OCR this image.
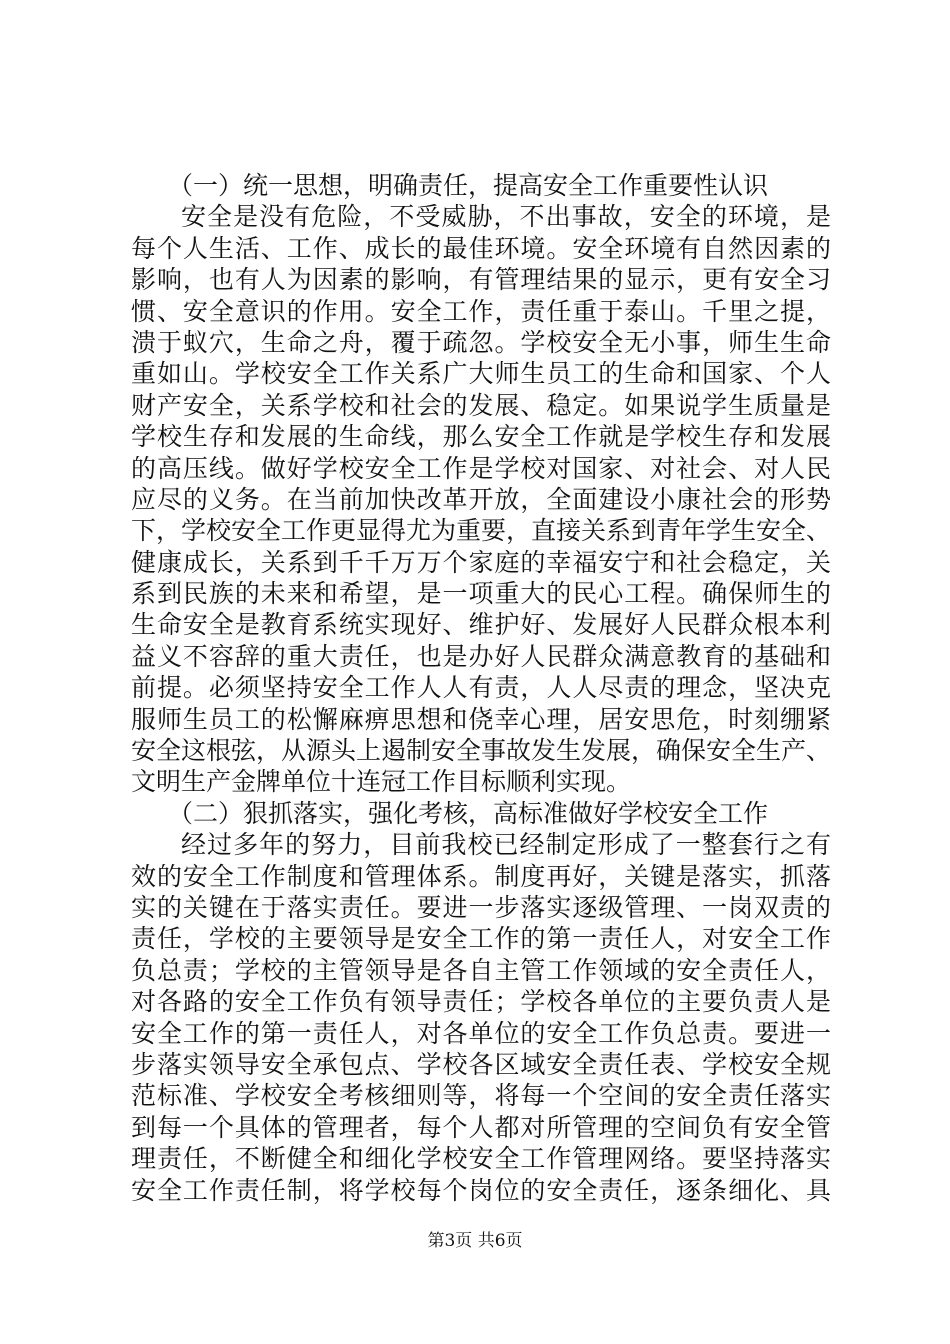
（一）统一思想，明确责任，提高安全工作重要性认识
安全是没有危险，不受威胁，不出事故，安全的环境，是
每个人生活、工作、成长的最佳环境。安全环境有自然因素的
影响，也有人为因素的影响，有管理结果的显示，更有安全习
惯、安全意识的作用。安全工作，责任重于泰山。千里之提，
溃于蚁穴，生命之舟，覆于疏忽。学校安全无小事，师生生命
重如山。学校安全工作关系广大师生员工的生命和国家、个人
财产安全，关系学校和社会的发展、稳定。如果说学生质量是
学校生存和发展的生命线，那么安全工作就是学校生存和发展
的高压线。做好学校安全工作是学校对国家、对社会、对人民
应尽的义务。在当前加快改革开放，全面建设小康社会的形势
下，学校安全工作更显得尤为重要，直接关系到青年学生安全、
健康成长，关系到千千万万个家庭的幸福安宁和社会稳定，关
系到民族的未来和希望，是一项重大的民心工程。确保师生的
生命安全是教育系统实现好、维护好、发展好人民群众根本利
益义不容辞的重大责任，也是办好人民群众满意教育的基础和
前提。必须坚持安全工作人人有责，人人尽责的理念，坚决克
服师生员工的松懈麻痹思想和侥幸心理，居安思危，时刻绷紧
安全这根弦，从源头上遏制安全事故发生发展，确保安全生产、
文明生产金牌单位十连冠工作目标顺利实现。
（二）狠抓落实，强化考核，高标准做好学校安全工作
经过多年的努力，目前我校已经制定形成了一整套行之有
效的安全工作制度和管理体系。制度再好，关键是落实，抓落
实的关键在于落实责任。要进一步落实逐级管理、一岗双责的
责任，学校的主要领导是安全工作的第一责任人，对安全工作
负总责；学校的主管领导是各自主管工作领域的安全责任人，
对各路的安全工作负有领导责任；学校各单位的主要负责人是
安全工作的第一责任人，对各单位的安全工作负总责。要进一
步落实领导安全承包点、学校各区域安全责任表、学校安全规
范标准、学校安全考核细则等，将每一个空间的安全责任落实
到每一个具体的管理者，每个人都对所管理的空间负有安全管
理责任，不断健全和细化学校安全工作管理网络。要坚持落实
安全工作责任制，将学校每个岗位的安全责任，逐条细化、具
第3页 共6页
